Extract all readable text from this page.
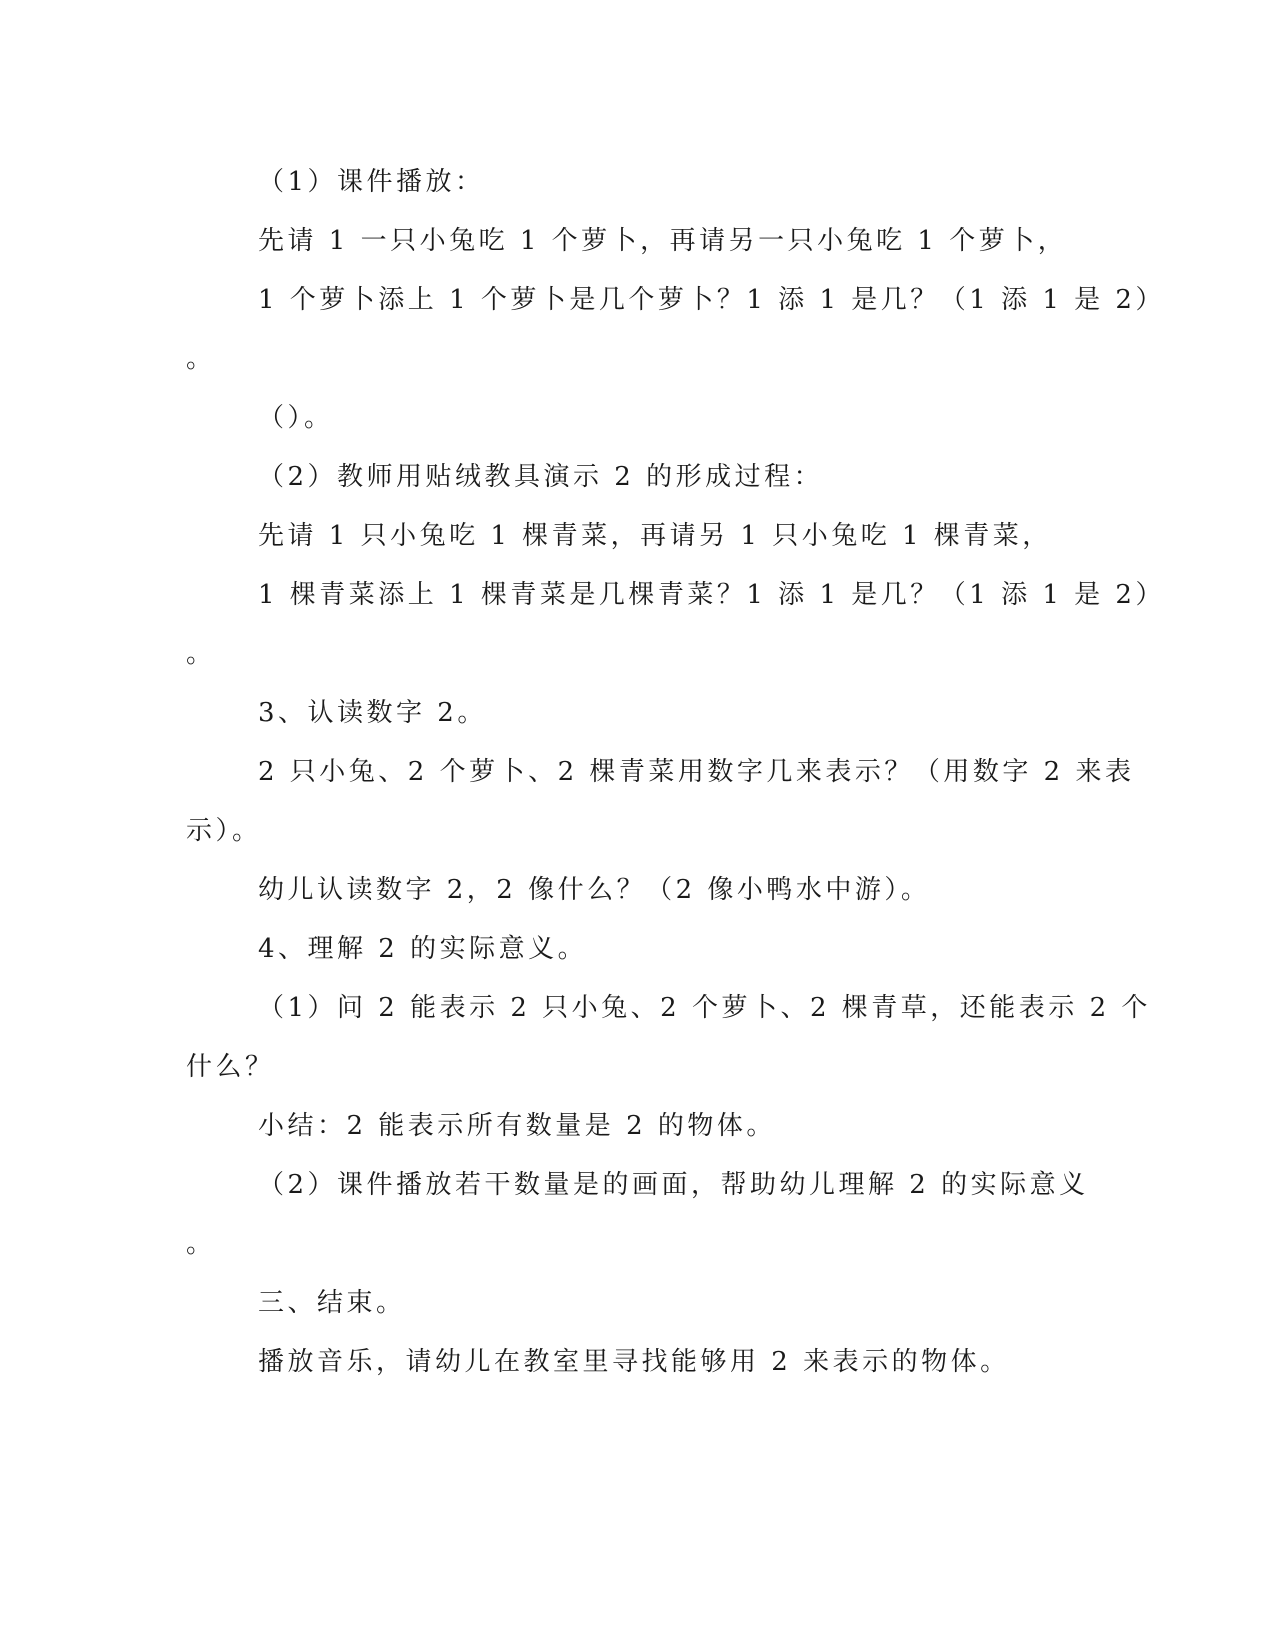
（1）课件播放：
先请 1 一只小兔吃 1 个萝卜，再请另一只小兔吃 1 个萝卜，
1 个萝卜添上 1 个萝卜是几个萝卜？1 添 1 是几？（1 添 1 是 2）
。
（）。
（2）教师用贴绒教具演示 2 的形成过程：
先请 1 只小兔吃 1 棵青菜，再请另 1 只小兔吃 1 棵青菜，
1 棵青菜添上 1 棵青菜是几棵青菜？1 添 1 是几？（1 添 1 是 2）
。
3、认读数字 2。
2 只小兔、2 个萝卜、2 棵青菜用数字几来表示？（用数字 2 来表
示）。
幼儿认读数字 2，2 像什么？（2 像小鸭水中游）。
4、理解 2 的实际意义。
（1）问 2 能表示 2 只小兔、2 个萝卜、2 棵青草，还能表示 2 个
什么？
小结：2 能表示所有数量是 2 的物体。
（2）课件播放若干数量是的画面，帮助幼儿理解 2 的实际意义
。
三、结束。
播放音乐，请幼儿在教室里寻找能够用 2 来表示的物体。
